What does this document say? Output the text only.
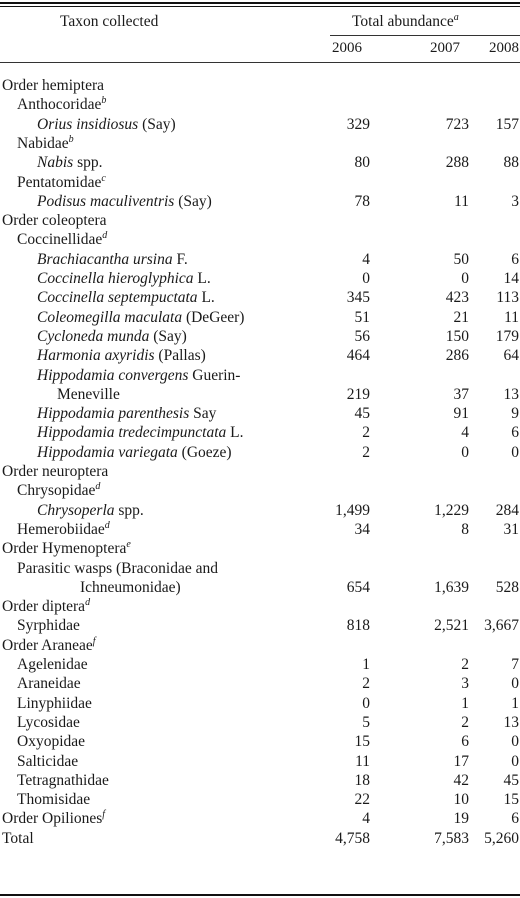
Taxon collected	Total abundance$^a$
2006	2007	2008
Order hemiptera
Anthocoridae$^b$
Orius insidiosus (Say)	329	723	157
Nabidae$^b$
Nabis spp.	80	288	88
Pentatomidae$^c$
Podisus maculiventris (Say)	78	11	3
Order coleoptera
Coccinellidae$^d$
Brachiacantha ursina F.	4	50	6
Coccinella hieroglyphica L.	0	0	14
Coccinella septempuctata L.	345	423	113
Coleomegilla maculata (DeGeer)	51	21	11
Cycloneda munda (Say)	56	150	179
Harmonia axyridis (Pallas)	464	286	64
Hippodamia convergens Guerin-
Meneville	219	37	13
Hippodamia parenthesis Say	45	91	9
Hippodamia tredecimpunctata L.	2	4	6
Hippodamia variegata (Goeze)	2	0	0
Order neuroptera
Chrysopidae$^d$
Chrysoperla spp.	1,499	1,229	284
Hemerobiidae$^d$	34	8	31
Order Hymenoptera$^e$
Parasitic wasps (Braconidae and
Ichneumonidae)	654	1,639	528
Order diptera$^d$
Syrphidae	818	2,521 3,667
Order Araneae$^f$
Agelenidae	1	2	7
Araneidae	2	3	0
Linyphiidae	0	1	1
Lycosidae	5	2	13
Oxyopidae	15	6	0
Salticidae	11	17	0
Tetragnathidae	18	42	45
Thomisidae	22	10	15
Order Opiliones$^f$	4	19	6
Total	4,758	7,583 5,260
